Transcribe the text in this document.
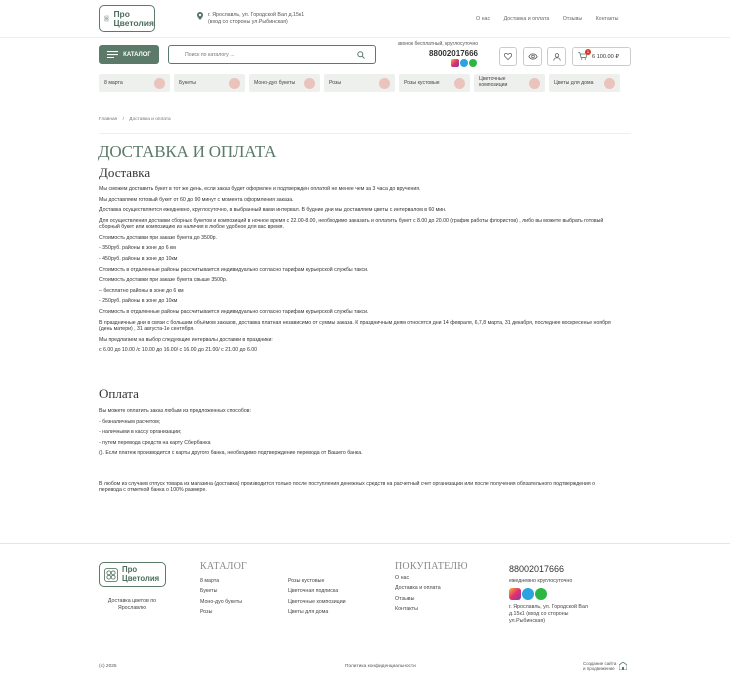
Про
Цветолия
г. Ярославль, ул. Городской Вал д.15к1
(вход со стороны ул.Рыбинская)	О нас	Доставка и оплата	Отзывы	Контакты
КАТАЛОГ
Поиск по каталогу ...
звонок бесплатный, круглосуточно
88002017666	1
6 100.00 ₽
8 марта	Букеты	Моно-дуо букеты	Розы	Розы кустовые
Цветочные композиции	Цветы для дома
Главная / Доставка и оплата
ДОСТАВКА И ОПЛАТА
Доставка

Мы сможем доставить букет в тот же день, если заказ будет оформлен и подтвержден оплатой не менее чем за 3 часа до вручения.

Мы доставляем готовый букет от 60 до 90 минут с момента оформления заказа.

Доставка осуществляется ежедневно, круглосуточно, в выбранный вами интервал. В будние дни мы доставляем цветы с интервалом в 60 мин.

Для осуществления доставки сборных букетов и композиций в ночное время с 22.00-8.00, необходимо заказать и оплатить букет с 8.00 до 20.00 (график работы флористов) , либо вы можете выбрать готовый сборный букет или композицию из наличия в любое удобное для вас время.

Стоимость доставки при заказе букета до 3500р.

- 350руб. районы в зоне до 6 км

- 450руб. районы в зоне до 10км

Стоимость в отдаленные районы рассчитывается индивидуально согласно тарифам курьерской службы такси.

Стоимость доставки при заказе букета свыше 3500р.

– бесплатно районы в зоне до 6 км

- 250руб. районы в зоне до 10км

Стоимость в отдаленные районы рассчитывается индивидуально согласно тарифам курьерской службы такси.

В праздничные дни в связи с большим объёмом заказов, доставка платная независимо от суммы заказа. К праздничным дням относятся дни 14 февраля, 6,7,8 марта, 31 декабря, последнее воскресенье ноября (день матери) , 31 августа-1е сентября.

Мы предлагаем на выбор следующие интервалы доставки в праздники:

с 6.00 до 10.00 /с 10.00 до 16.00/ с 16.00 до 21.00/ с 21.00 до 6.00

Оплата

Вы можете оплатить заказ любым из предложенных способов:

- безналичным расчетом;

- наличными в кассу организации;

- путем перевода средств на карту Сбербанка

(). Если платеж производится с карты другого банка, необходимо подтверждение перевода от Вашего банка.

В любом из случаев отпуск товара из магазина (доставка) производится только после поступления денежных средств на расчетный счет организации или после получения обязательного подтверждения о перевода с отметкой банка о 100% размере.

Про
Цветолия
Доставка цветов по Ярославлю
КАТАЛОГ
8 марта
Букеты
Моно-дуо букеты
Розы
Розы кустовые
Цветочная подписка
Цветочные композиции
Цветы для дома
ПОКУПАТЕЛЮ
О нас
Доставка и оплата
Отзывы
Контакты
88002017666
ежедневно круглосуточно
г. Ярославль, ул. Городской Вал д.15к1 (вход со стороны ул.Рыбинская)
(c) 2025	Политика конфиденциальности
Создание сайта
и продвижение
